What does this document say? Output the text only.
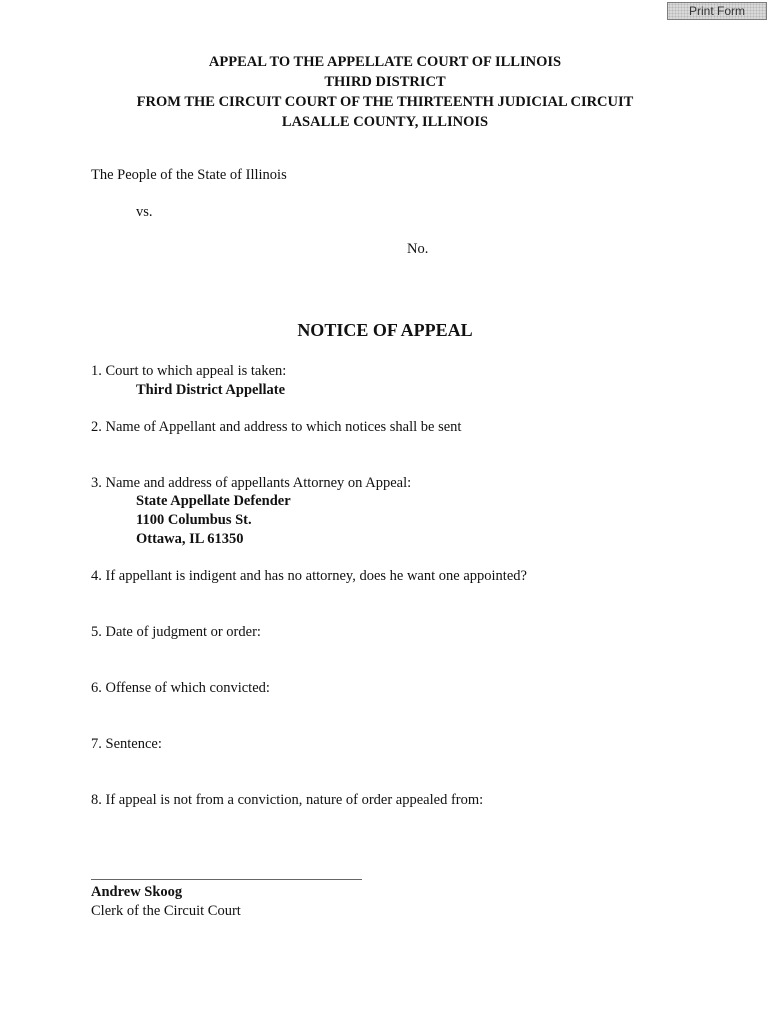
Print Form
APPEAL TO THE APPELLATE COURT OF ILLINOIS
THIRD DISTRICT
FROM THE CIRCUIT COURT OF THE THIRTEENTH JUDICIAL CIRCUIT
LASALLE COUNTY, ILLINOIS
The People of the State of Illinois
vs.
No.
NOTICE OF APPEAL
1. Court to which appeal is taken:
Third District Appellate
2. Name of Appellant and address to which notices shall be sent
3. Name and address of appellants Attorney on Appeal:
State Appellate Defender
1100 Columbus St.
Ottawa, IL 61350
4. If appellant is indigent and has no attorney, does he want one appointed?
5. Date of judgment or order:
6. Offense of which convicted:
7. Sentence:
8. If appeal is not from a conviction, nature of order appealed from:
Andrew Skoog
Clerk of the Circuit Court
